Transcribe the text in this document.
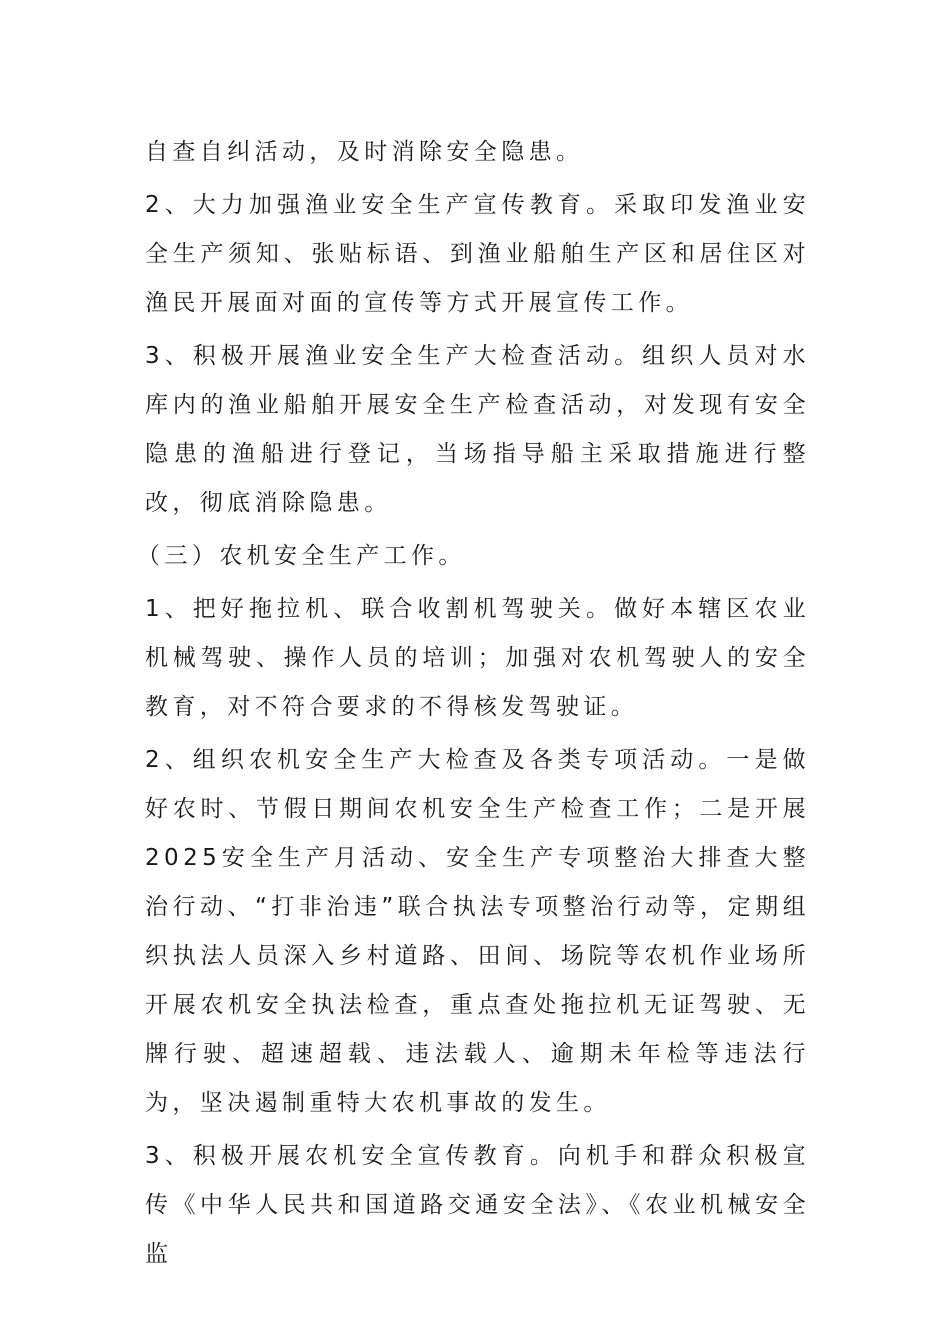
自查自纠活动，及时消除安全隐患。

2、大力加强渔业安全生产宣传教育。采取印发渔业安全生产须知、张贴标语、到渔业船舶生产区和居住区对渔民开展面对面的宣传等方式开展宣传工作。

3、积极开展渔业安全生产大检查活动。组织人员对水库内的渔业船舶开展安全生产检查活动，对发现有安全隐患的渔船进行登记，当场指导船主采取措施进行整改，彻底消除隐患。

（三）农机安全生产工作。

1、把好拖拉机、联合收割机驾驶关。做好本辖区农业机械驾驶、操作人员的培训；加强对农机驾驶人的安全教育，对不符合要求的不得核发驾驶证。

2、组织农机安全生产大检查及各类专项活动。一是做好农时、节假日期间农机安全生产检查工作；二是开展2025安全生产月活动、安全生产专项整治大排查大整治行动、“打非治违”联合执法专项整治行动等，定期组织执法人员深入乡村道路、田间、场院等农机作业场所开展农机安全执法检查，重点查处拖拉机无证驾驶、无牌行驶、超速超载、违法载人、逾期未年检等违法行为，坚决遏制重特大农机事故的发生。

3、积极开展农机安全宣传教育。向机手和群众积极宣传《中华人民共和国道路交通安全法》、《农业机械安全监
